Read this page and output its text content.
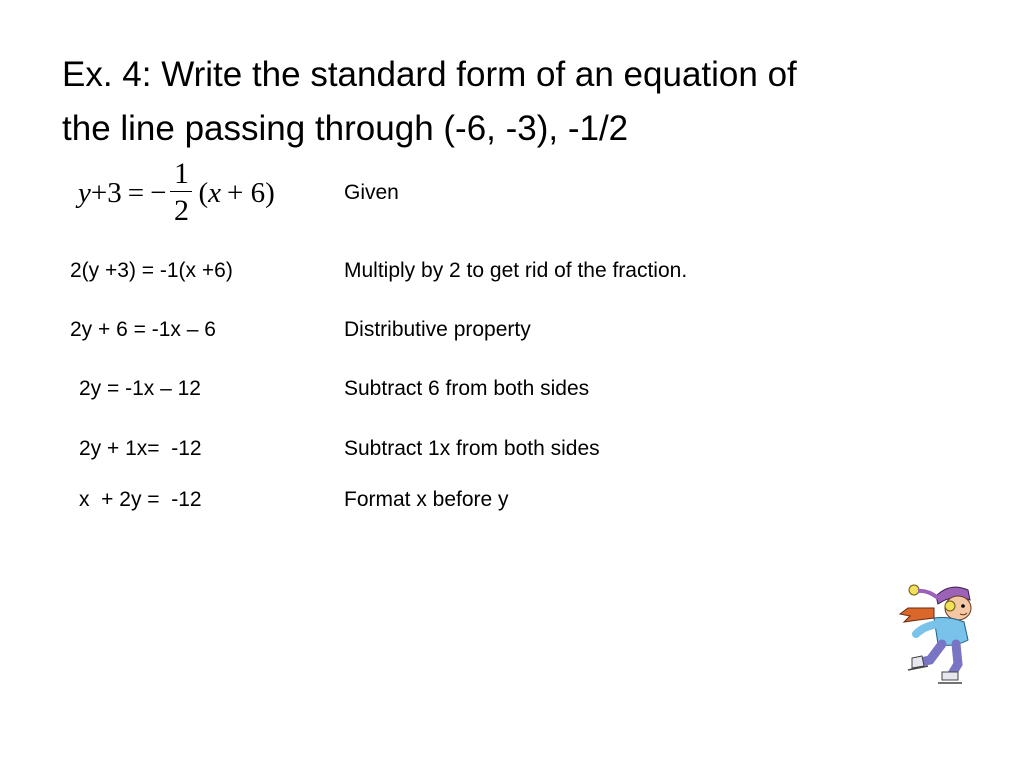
Ex. 4: Write the standard form of an equation of
the line passing through (-6, -3), -1/2
y +3 = − $\frac{1}{2}$ ( x + 6)	Given
2(y +3) = -1(x +6)	Multiply by 2 to get rid of the fraction.
2y + 6 = -1x – 6	Distributive property
2y = -1x – 12	Subtract 6 from both sides
2y + 1x=  -12	Subtract 1x from both sides
x  + 2y =  -12	Format x before y
